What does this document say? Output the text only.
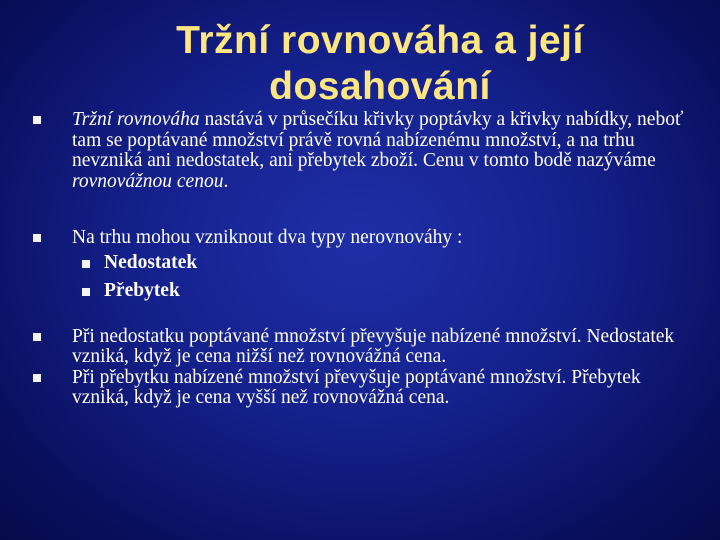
Tržní rovnováha a její
dosahování
Tržní rovnováha nastává v průsečíku křivky poptávky a křivky nabídky, neboť tam se poptávané množství právě rovná nabízenému množství, a na trhu nevzniká ani nedostatek, ani přebytek zboží. Cenu v tomto bodě nazýváme rovnovážnou cenou.
Na trhu mohou vzniknout dva typy nerovnováhy :
Nedostatek
Přebytek
Při nedostatku poptávané množství převyšuje nabízené množství. Nedostatek vzniká, když je cena nižší než rovnovážná cena.
Při přebytku nabízené množství převyšuje poptávané množství. Přebytek vzniká, když je cena vyšší než rovnovážná cena.
